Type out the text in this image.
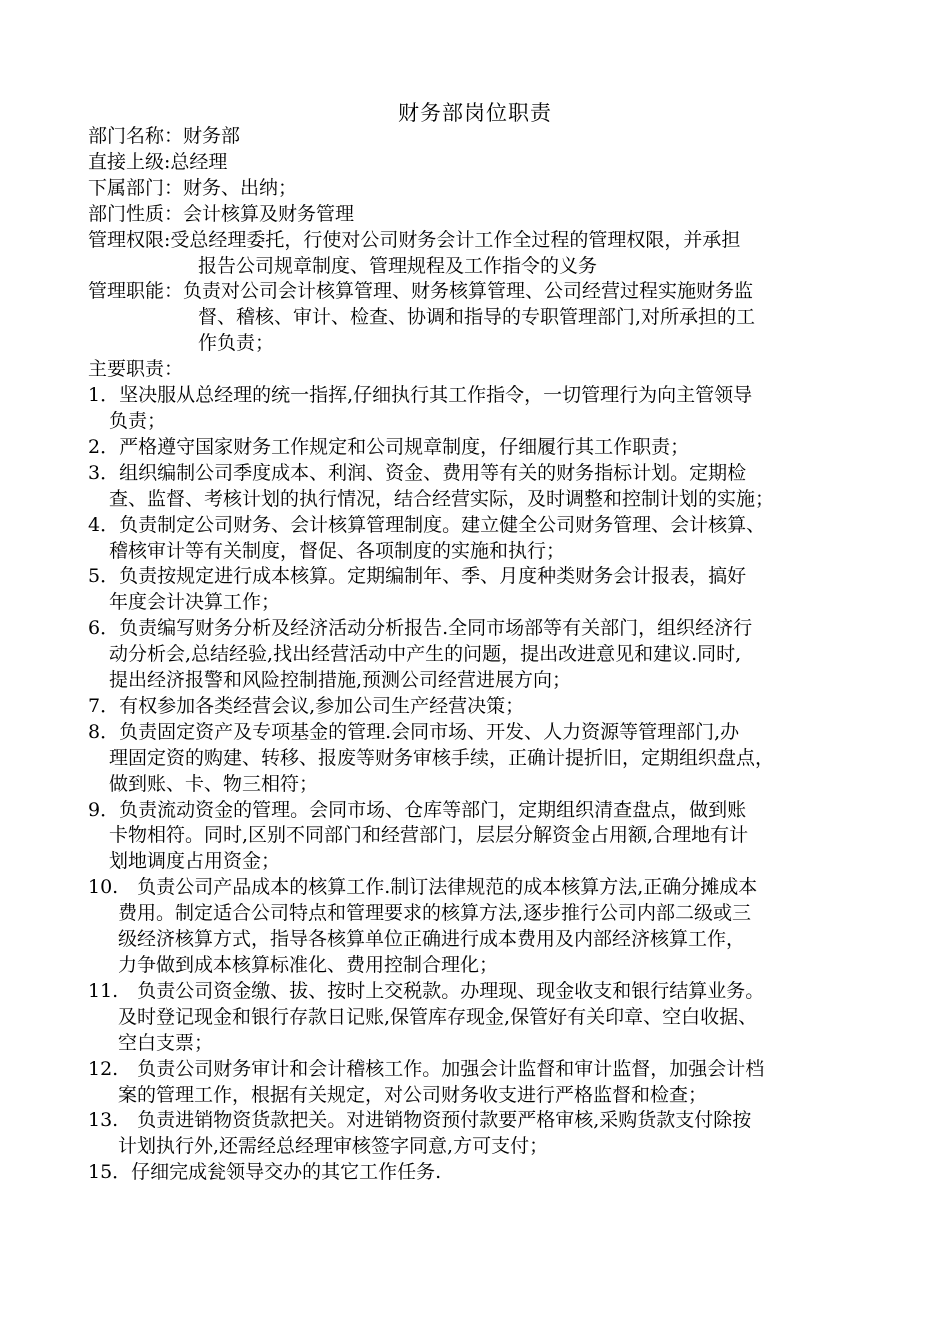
财务部岗位职责
部门名称： 财务部
直接上级: 总经理
下属部门： 财务、出纳；
部门性质： 会计核算及财务管理
管理权限:受总经理委托，行使对公司财务会计工作全过程的管理权限，并承担
报告公司规章制度、管理规程及工作指令的义务
管理职能：负责对公司会计核算管理、财务核算管理、公司经营过程实施财务监
督、稽核、审计、检查、协调和指导的专职管理部门,对所承担的工
作负责；
主要职责：
1．坚决服从总经理的统一指挥,仔细执行其工作指令，一切管理行为向主管领导
负责；
2．严格遵守国家财务工作规定和公司规章制度，仔细履行其工作职责；
3．组织编制公司季度成本、利润、资金、费用等有关的财务指标计划。定期检
查、监督、考核计划的执行情况，结合经营实际，及时调整和控制计划的实施；
4．负责制定公司财务、会计核算管理制度。建立健全公司财务管理、会计核算、
稽核审计等有关制度，督促、各项制度的实施和执行；
5．负责按规定进行成本核算。定期编制年、季、月度种类财务会计报表，搞好
年度会计决算工作；
6．负责编写财务分析及经济活动分析报告.全同市场部等有关部门，组织经济行
动分析会,总结经验,找出经营活动中产生的问题，提出改进意见和建议.同时,
提出经济报警和风险控制措施,预测公司经营进展方向；
7．有权参加各类经营会议,参加公司生产经营决策；
8．负责固定资产及专项基金的管理.会同市场、开发、人力资源等管理部门,办
理固定资的购建、转移、报废等财务审核手续，正确计提折旧，定期组织盘点，
做到账、卡、物三相符；
9．负责流动资金的管理。会同市场、仓库等部门，定期组织清查盘点，做到账
卡物相符。同时,区别不同部门和经营部门，层层分解资金占用额,合理地有计
划地调度占用资金；
10.　负责公司产品成本的核算工作.制订法律规范的成本核算方法,正确分摊成本
费用。制定适合公司特点和管理要求的核算方法,逐步推行公司内部二级或三
级经济核算方式，指导各核算单位正确进行成本费用及内部经济核算工作，
力争做到成本核算标准化、费用控制合理化；
11.　负责公司资金缴、拔、按时上交税款。办理现、现金收支和银行结算业务。
及时登记现金和银行存款日记账,保管库存现金,保管好有关印章、空白收据、
空白支票；
12.　负责公司财务审计和会计稽核工作。加强会计监督和审计监督，加强会计档
案的管理工作，根据有关规定，对公司财务收支进行严格监督和检查；
13.　负责进销物资货款把关。对进销物资预付款要严格审核,采购货款支付除按
计划执行外,还需经总经理审核签字同意,方可支付；
15．仔细完成瓮领导交办的其它工作任务.
